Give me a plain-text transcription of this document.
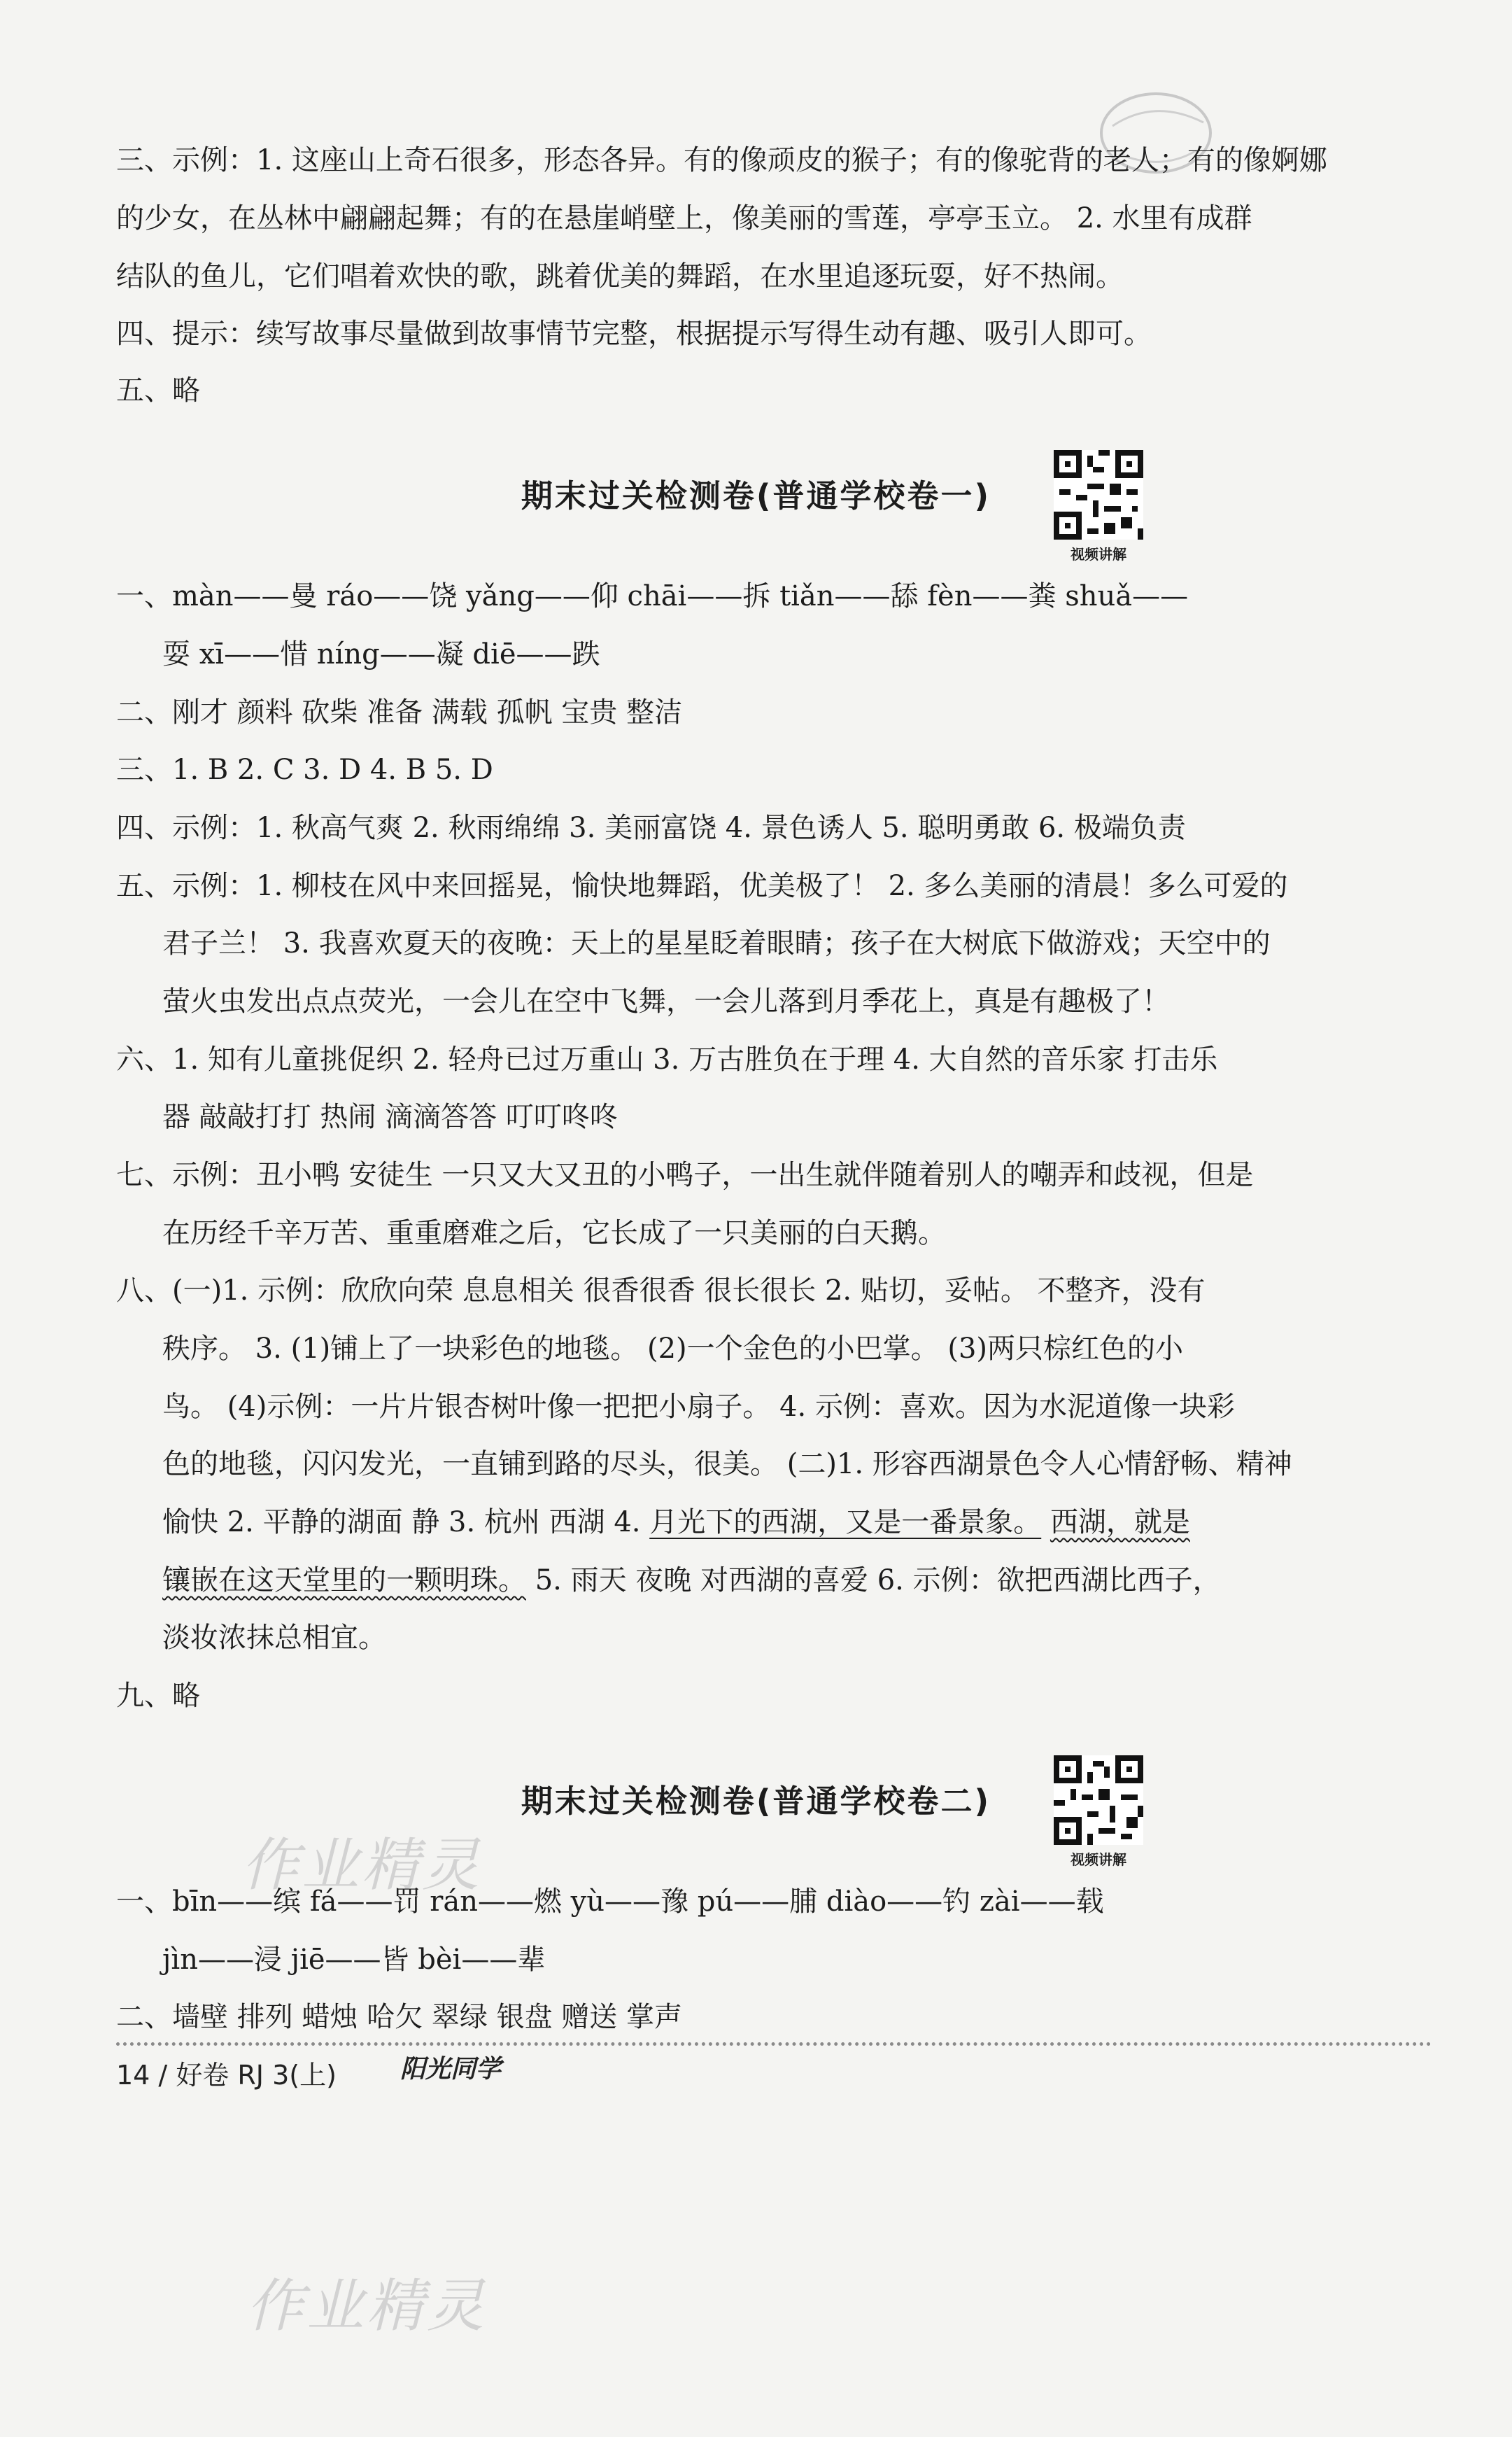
三、示例：1. 这座山上奇石很多，形态各异。有的像顽皮的猴子；有的像驼背的老人；有的像婀娜
的少女，在丛林中翩翩起舞；有的在悬崖峭壁上，像美丽的雪莲，亭亭玉立。 2. 水里有成群
结队的鱼儿，它们唱着欢快的歌，跳着优美的舞蹈，在水里追逐玩耍，好不热闹。
四、提示：续写故事尽量做到故事情节完整，根据提示写得生动有趣、吸引人即可。
五、略
期末过关检测卷(普通学校卷一)
视频讲解
一、màn——曼 ráo——饶 yǎng——仰 chāi——拆 tiǎn——舔 fèn——粪 shuǎ——
耍 xī——惜 níng——凝 diē——跌
二、刚才 颜料 砍柴 准备 满载 孤帆 宝贵 整洁
三、1. B 2. C 3. D 4. B 5. D
四、示例：1. 秋高气爽 2. 秋雨绵绵 3. 美丽富饶 4. 景色诱人 5. 聪明勇敢 6. 极端负责
五、示例：1. 柳枝在风中来回摇晃，愉快地舞蹈，优美极了！ 2. 多么美丽的清晨！多么可爱的
君子兰！ 3. 我喜欢夏天的夜晚：天上的星星眨着眼睛；孩子在大树底下做游戏；天空中的
萤火虫发出点点荧光，一会儿在空中飞舞，一会儿落到月季花上，真是有趣极了！
六、1. 知有儿童挑促织 2. 轻舟已过万重山 3. 万古胜负在于理 4. 大自然的音乐家 打击乐
器 敲敲打打 热闹 滴滴答答 叮叮咚咚
七、示例：丑小鸭 安徒生 一只又大又丑的小鸭子，一出生就伴随着别人的嘲弄和歧视，但是
在历经千辛万苦、重重磨难之后，它长成了一只美丽的白天鹅。
八、(一)1. 示例：欣欣向荣 息息相关 很香很香 很长很长 2. 贴切，妥帖。 不整齐，没有
秩序。 3. (1)铺上了一块彩色的地毯。 (2)一个金色的小巴掌。 (3)两只棕红色的小
鸟。 (4)示例：一片片银杏树叶像一把把小扇子。 4. 示例：喜欢。因为水泥道像一块彩
色的地毯，闪闪发光，一直铺到路的尽头，很美。 (二)1. 形容西湖景色令人心情舒畅、精神
愉快 2. 平静的湖面 静 3. 杭州 西湖 4. 月光下的西湖，又是一番景象。 西湖，就是
镶嵌在这天堂里的一颗明珠。 5. 雨天 夜晚 对西湖的喜爱 6. 示例：欲把西湖比西子，
淡妆浓抹总相宜。
九、略
期末过关检测卷(普通学校卷二)
视频讲解
作业精灵
一、bīn——缤 fá——罚 rán——燃 yù——豫 pú——脯 diào——钓 zài——载
jìn——浸 jiē——皆 bèi——辈
二、墙壁 排列 蜡烛 哈欠 翠绿 银盘 赠送 掌声
14 / 好卷 RJ 3(上)	阳光同学
作业精灵
